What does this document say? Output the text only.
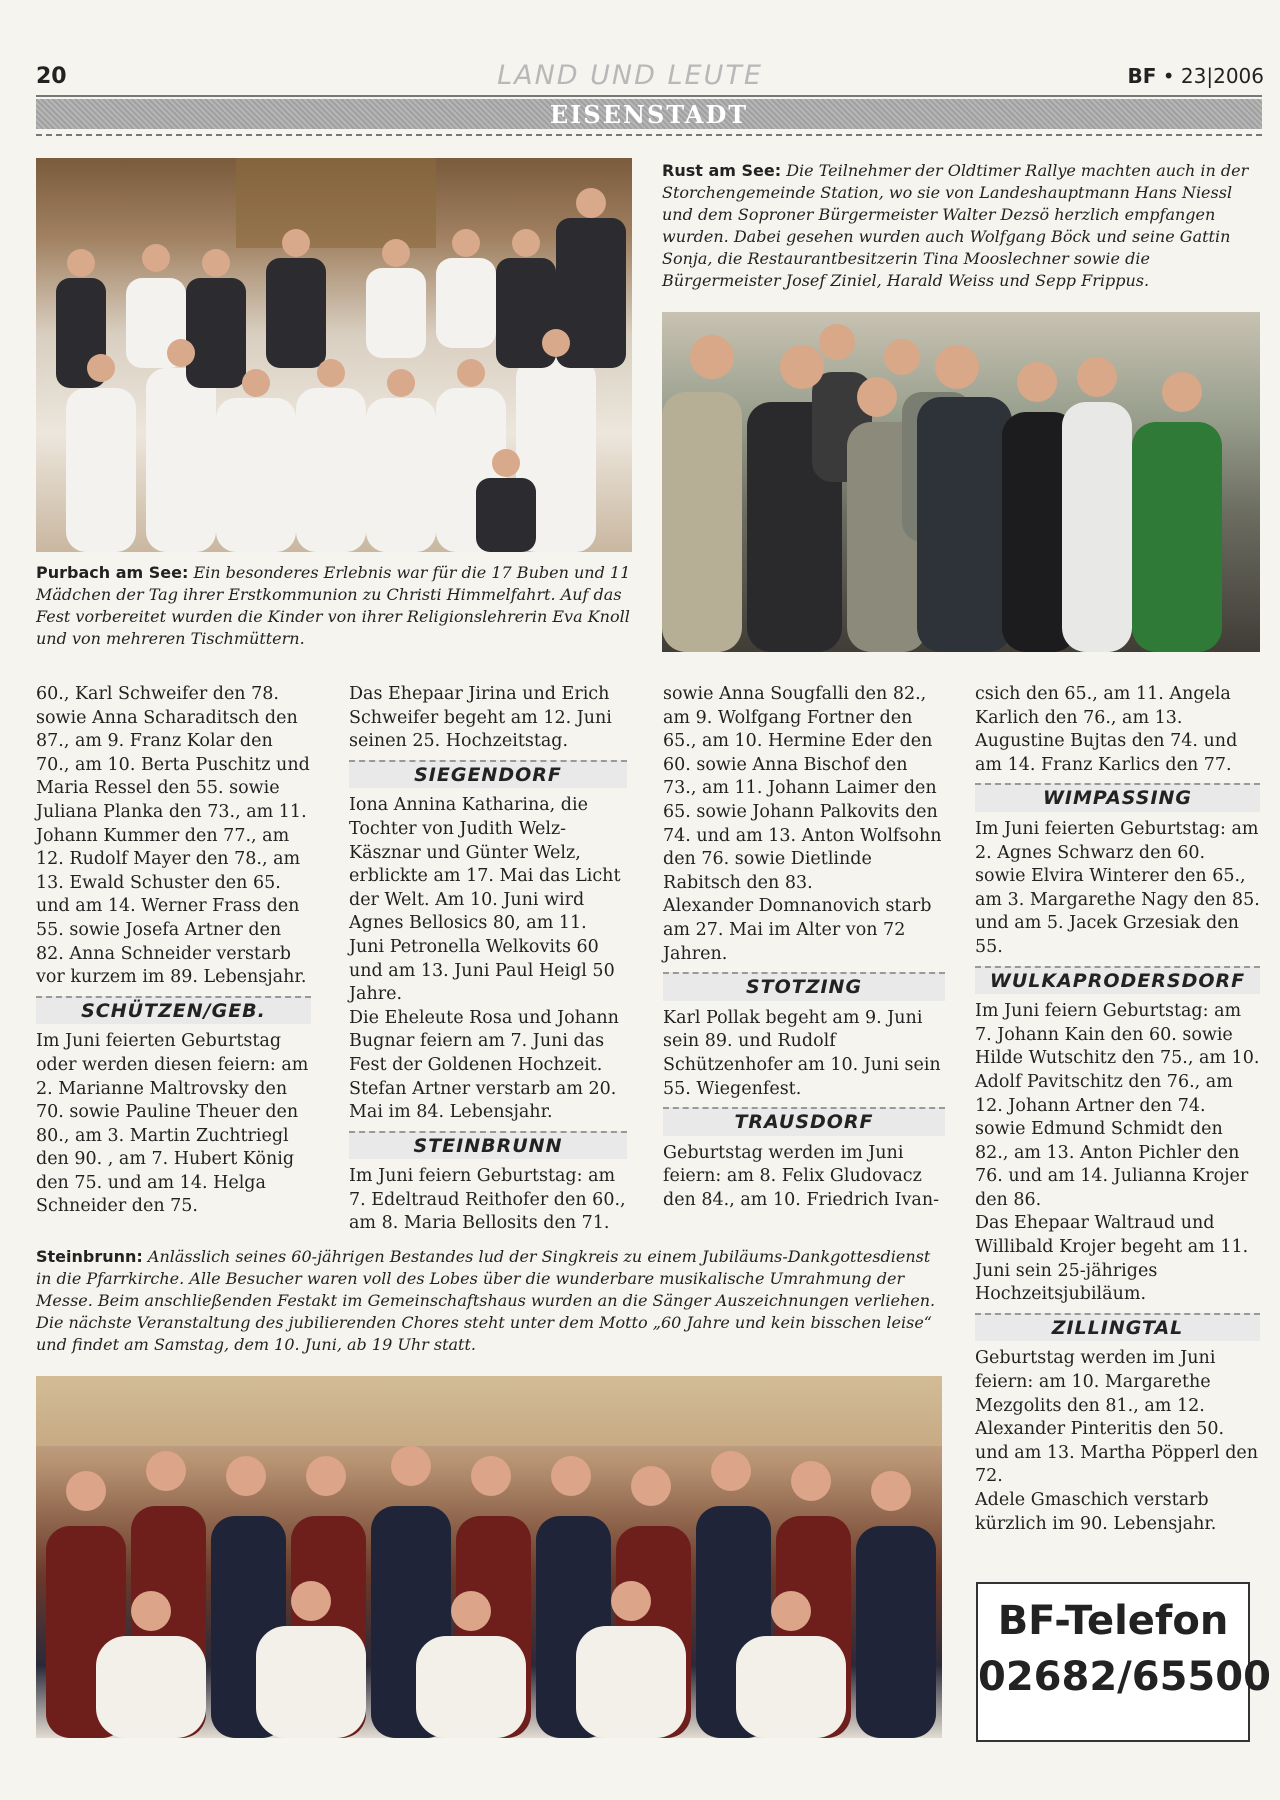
20	LAND UND LEUTE	BF • 23|2006
EISENSTADT
Purbach am See: Ein besonderes Erlebnis war für die 17 Buben und 11 Mädchen der Tag ihrer Erstkommunion zu Christi Himmelfahrt. Auf das Fest vorbereitet wurden die Kinder von ihrer Religionslehrerin Eva Knoll und von mehreren Tischmüttern.
Rust am See: Die Teilnehmer der Oldtimer Rallye machten auch in der Storchengemeinde Station, wo sie von Landeshauptmann Hans Niessl und dem Soproner Bürgermeister Walter Dezsö herzlich empfangen wurden. Dabei gesehen wurden auch Wolfgang Böck und seine Gattin Sonja, die Restaurantbesitzerin Tina Mooslechner sowie die Bürgermeister Josef Ziniel, Harald Weiss und Sepp Frippus.

60., Karl Schweifer den 78. sowie Anna Scharaditsch den 87., am 9. Franz Kolar den 70., am 10. Berta Puschitz und Maria Ressel den 55. sowie Juliana Planka den 73., am 11. Johann Kummer den 77., am 12. Rudolf Mayer den 78., am 13. Ewald Schuster den 65. und am 14. Werner Frass den 55. sowie Josefa Artner den 82. Anna Schneider verstarb vor kurzem im 89. Lebensjahr.

SCHÜTZEN/GEB.

Im Juni feierten Geburtstag oder werden diesen feiern: am 2. Marianne Maltrovsky den 70. sowie Pauline Theuer den 80., am 3. Martin Zuchtriegl den 90. , am 7. Hubert König den 75. und am 14. Helga Schneider den 75.

Das Ehepaar Jirina und Erich Schweifer begeht am 12. Juni seinen 25. Hochzeitstag.

SIEGENDORF

Iona Annina Katharina, die Tochter von Judith Welz-Käsznar und Günter Welz, erblickte am 17. Mai das Licht der Welt. Am 10. Juni wird Agnes Bellosics 80, am 11. Juni Petronella Welkovits 60 und am 13. Juni Paul Heigl 50 Jahre.
Die Eheleute Rosa und Johann Bugnar feiern am 7. Juni das Fest der Goldenen Hochzeit. Stefan Artner verstarb am 20. Mai im 84. Lebensjahr.

STEINBRUNN

Im Juni feiern Geburtstag: am 7. Edeltraud Reithofer den 60., am 8. Maria Bellosits den 71.

sowie Anna Sougfalli den 82., am 9. Wolfgang Fortner den 65., am 10. Hermine Eder den 60. sowie Anna Bischof den 73., am 11. Johann Laimer den 65. sowie Johann Palkovits den 74. und am 13. Anton Wolfsohn den 76. sowie Dietlinde Rabitsch den 83.
Alexander Domnanovich starb am 27. Mai im Alter von 72 Jahren.

STOTZING

Karl Pollak begeht am 9. Juni sein 89. und Rudolf Schützenhofer am 10. Juni sein 55. Wiegenfest.

TRAUSDORF

Geburtstag werden im Juni feiern: am 8. Felix Gludovacz den 84., am 10. Friedrich Ivan-

csich den 65., am 11. Angela Karlich den 76., am 13. Augustine Bujtas den 74. und am 14. Franz Karlics den 77.

WIMPASSING

Im Juni feierten Geburtstag: am 2. Agnes Schwarz den 60. sowie Elvira Winterer den 65., am 3. Margarethe Nagy den 85. und am 5. Jacek Grzesiak den 55.

WULKAPRODERSDORF

Im Juni feiern Geburtstag: am 7. Johann Kain den 60. sowie Hilde Wutschitz den 75., am 10. Adolf Pavitschitz den 76., am 12. Johann Artner den 74. sowie Edmund Schmidt den 82., am 13. Anton Pichler den 76. und am 14. Julianna Krojer den 86.
Das Ehepaar Waltraud und Willibald Krojer begeht am 11. Juni sein 25-jähriges Hochzeitsjubiläum.

ZILLINGTAL

Geburtstag werden im Juni feiern: am 10. Margarethe Mezgolits den 81., am 12. Alexander Pinteritis den 50. und am 13. Martha Pöpperl den 72.
Adele Gmaschich verstarb kürzlich im 90. Lebensjahr.

Steinbrunn: Anlässlich seines 60-jährigen Bestandes lud der Singkreis zu einem Jubiläums-Dankgottesdienst in die Pfarrkirche. Alle Besucher waren voll des Lobes über die wunderbare musikalische Umrahmung der Messe. Beim anschließenden Festakt im Gemeinschaftshaus wurden an die Sänger Auszeichnungen verliehen. Die nächste Veranstaltung des jubilierenden Chores steht unter dem Motto „60 Jahre und kein bisschen leise“ und findet am Samstag, dem 10. Juni, ab 19 Uhr statt.
BF-Telefon
02682/65500
